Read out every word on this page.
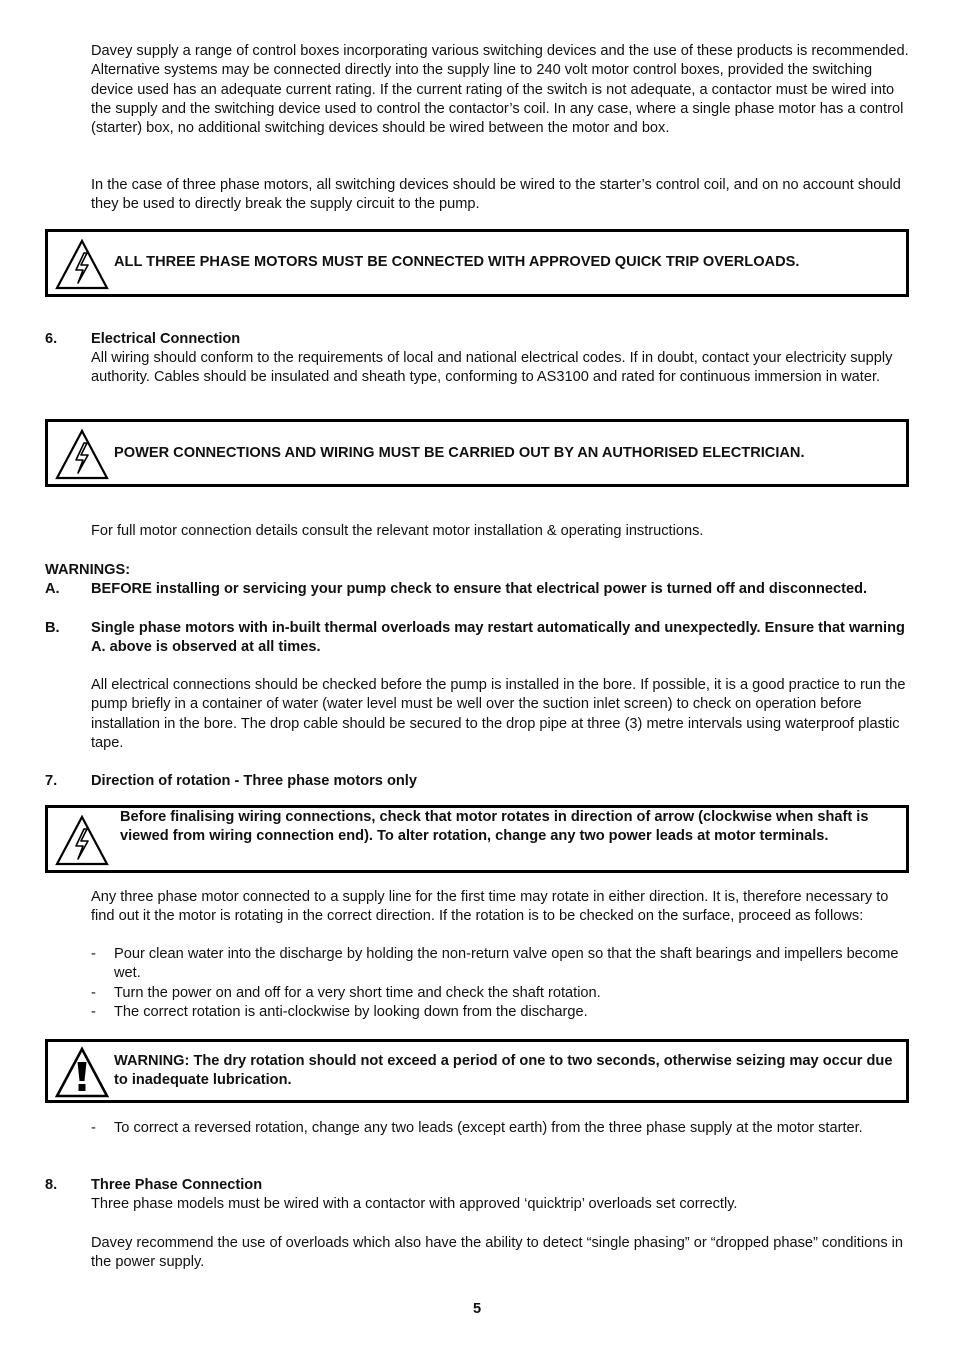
Davey supply a range of control boxes incorporating various switching devices and the use of these products is recommended. Alternative systems may be connected directly into the supply line to 240 volt motor control boxes, provided the switching device used has an adequate current rating. If the current rating of the switch is not adequate, a contactor must be wired into the supply and the switching device used to control the contactor’s coil. In any case, where a single phase motor has a control (starter) box, no additional switching devices should be wired between the motor and box.

In the case of three phase motors, all switching devices should be wired to the starter’s control coil, and on no account should they be used to directly break the supply circuit to the pump.

ALL THREE PHASE MOTORS MUST BE CONNECTED WITH APPROVED QUICK TRIP OVERLOADS.
6. Electrical Connection

All wiring should conform to the requirements of local and national electrical codes. If in doubt, contact your electricity supply authority. Cables should be insulated and sheath type, conforming to AS3100 and rated for continuous immersion in water.

POWER CONNECTIONS AND WIRING MUST BE CARRIED OUT BY AN AUTHORISED ELECTRICIAN.

For full motor connection details consult the relevant motor installation & operating instructions.

WARNINGS:
A. BEFORE installing or servicing your pump check to ensure that electrical power is turned off and disconnected.

B. Single phase motors with in-built thermal overloads may restart automatically and unexpectedly. Ensure that warning A. above is observed at all times.

All electrical connections should be checked before the pump is installed in the bore. If possible, it is a good practice to run the pump briefly in a container of water (water level must be well over the suction inlet screen) to check on operation before installation in the bore. The drop cable should be secured to the drop pipe at three (3) metre intervals using waterproof plastic tape.

7. Direction of rotation - Three phase motors only

Before finalising wiring connections, check that motor rotates in direction of arrow (clockwise when shaft is viewed from wiring connection end). To alter rotation, change any two power leads at motor terminals.

Any three phase motor connected to a supply line for the first time may rotate in either direction. It is, therefore necessary to find out it the motor is rotating in the correct direction. If the rotation is to be checked on the surface, proceed as follows:

- Pour clean water into the discharge by holding the non-return valve open so that the shaft bearings and impellers become wet.

- Turn the power on and off for a very short time and check the shaft rotation.

- The correct rotation is anti-clockwise by looking down from the discharge.

WARNING: The dry rotation should not exceed a period of one to two seconds, otherwise seizing may occur due to inadequate lubrication.
- To correct a reversed rotation, change any two leads (except earth) from the three phase supply at the motor starter.

8. Three Phase Connection

Three phase models must be wired with a contactor with approved ‘quicktrip’ overloads set correctly.

Davey recommend the use of overloads which also have the ability to detect “single phasing” or “dropped phase” conditions in the power supply.

5
